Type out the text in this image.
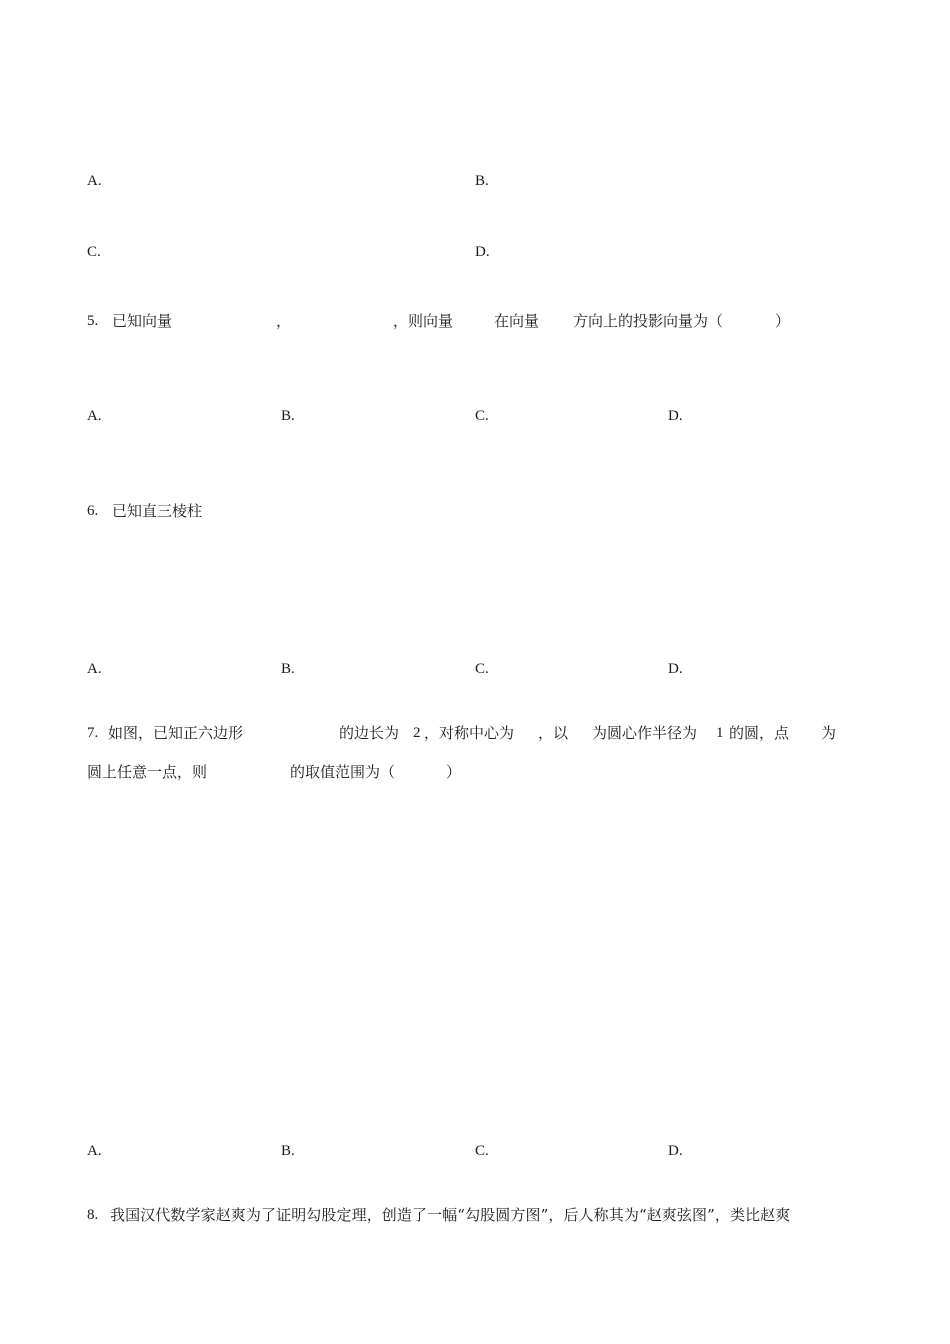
A.	B.
C.	D.
5. 已知向量	，	，则向量	在向量 方向上的投影向量为（	）
A.	B.	C.	D.
6. 已知直三棱柱
A.	B.	C.	D.
7. 如图，已知正六边形	的边长为 2 ，对称中心为 ，以 为圆心作半径为 1 的圆，点 为
圆上任意一点，则	的取值范围为（	）
A.	B.	C.	D.
8. 我国汉代数学家赵爽为了证明勾股定理，创造了一幅“勾股圆方图”，后人称其为“赵爽弦图”，类比赵爽
